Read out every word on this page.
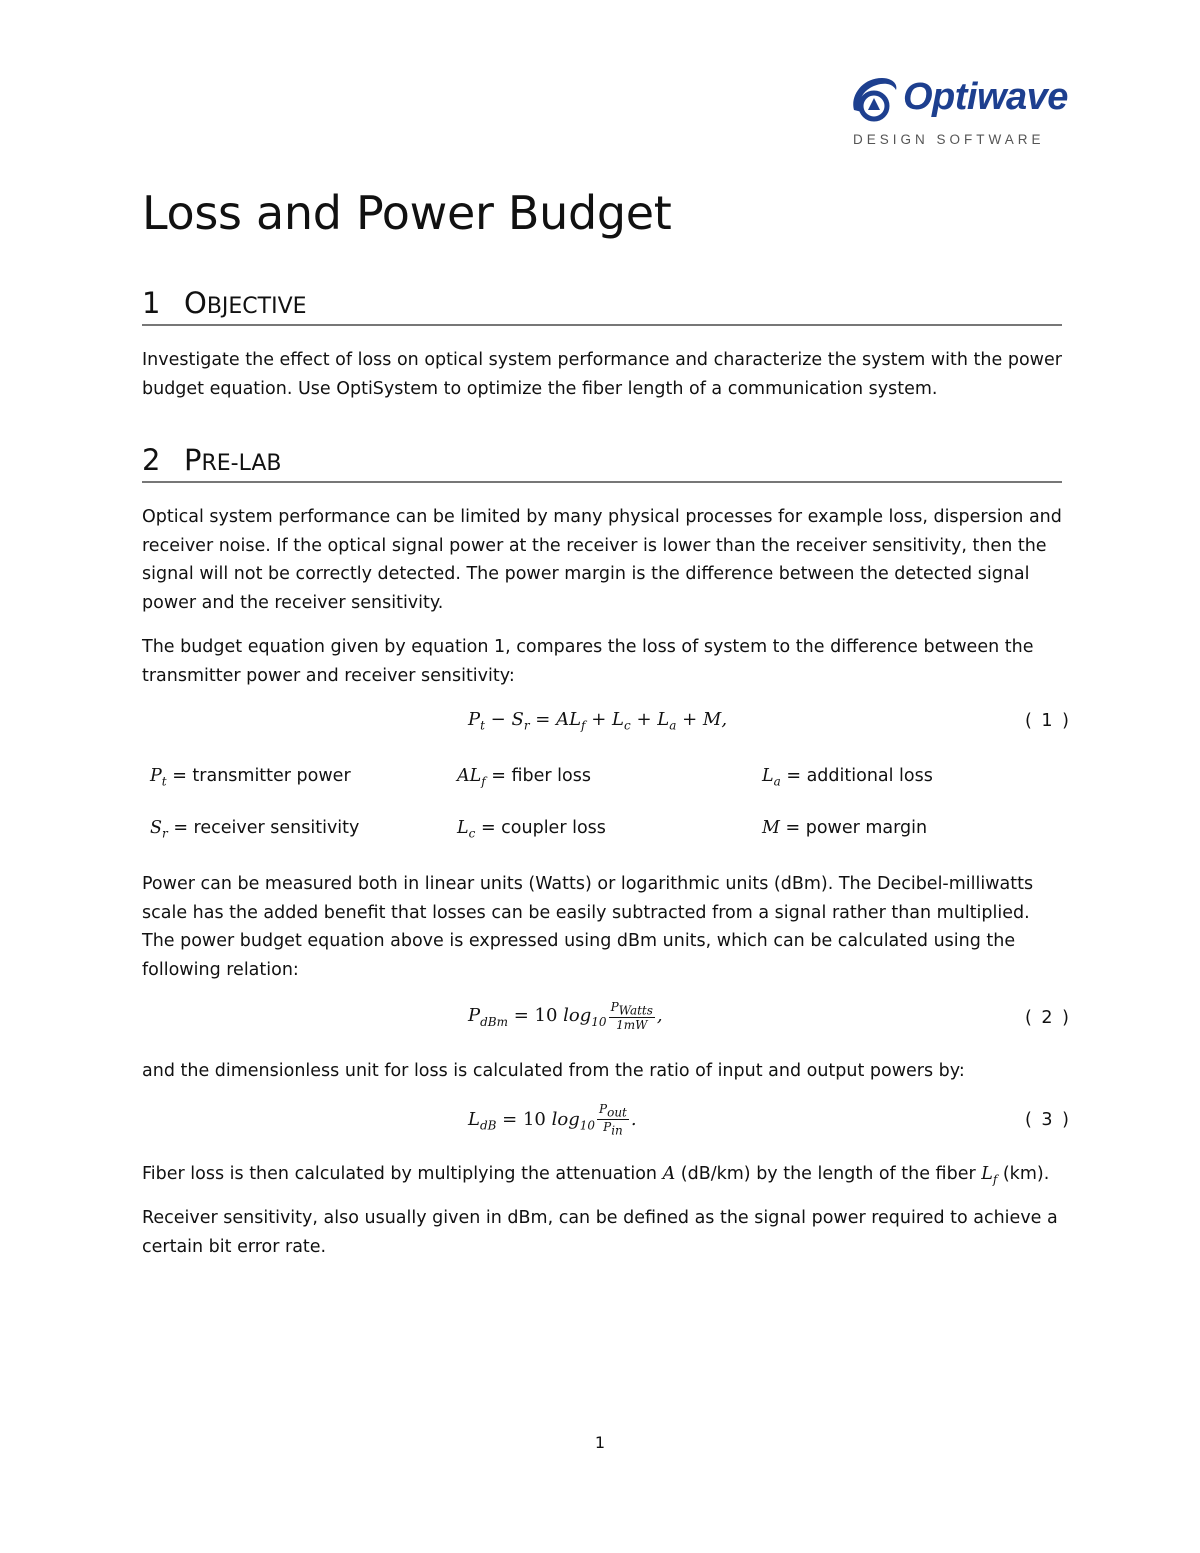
Optiwave
DESIGN SOFTWARE
Loss and Power Budget
1 OBJECTIVE

Investigate the effect of loss on optical system performance and characterize the system with the power budget equation. Use OptiSystem to optimize the fiber length of a communication system.

2 PRE-LAB

Optical system performance can be limited by many physical processes for example loss, dispersion and receiver noise. If the optical signal power at the receiver is lower than the receiver sensitivity, then the signal will not be correctly detected. The power margin is the difference between the detected signal power and the receiver sensitivity.

The budget equation given by equation 1, compares the loss of system to the difference between the transmitter power and receiver sensitivity:

$P_t - S_r = AL_f + L_c + L_a + M$,	( 1 )
$P_t$ = transmitter power	$AL_f$ = fiber loss	$L_a$ = additional loss
$S_r$ = receiver sensitivity	$L_c$ = coupler loss	M = power margin

Power can be measured both in linear units (Watts) or logarithmic units (dBm). The Decibel-milliwatts scale has the added benefit that losses can be easily subtracted from a signal rather than multiplied. The power budget equation above is expressed using dBm units, which can be calculated using the following relation:

$P_{dBm} = 10$ $\log_{10} \frac{P_{Watts}}{1mW}$ ,	( 2 )

and the dimensionless unit for loss is calculated from the ratio of input and output powers by:

$L_{dB} = 10$ $\log_{10} \frac{P_{out}}{P_{in}}$ .	( 3 )

Fiber loss is then calculated by multiplying the attenuation A (dB/km) by the length of the fiber $L_f$ (km).

Receiver sensitivity, also usually given in dBm, can be defined as the signal power required to achieve a certain bit error rate.

1
